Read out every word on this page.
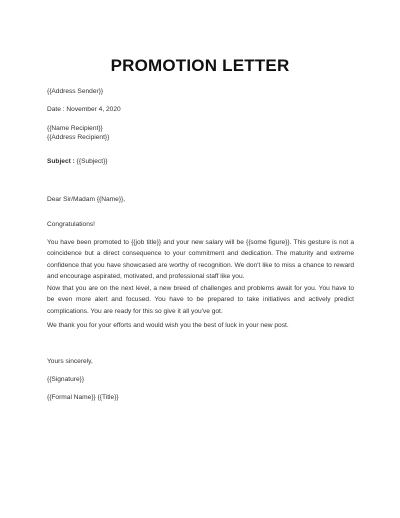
PROMOTION LETTER
{{Address Sender}}
Date : November 4, 2020
{{Name Recipient}}
{{Address Recipient}}
Subject : {{Subject}}
Dear Sir/Madam {{Name}},
Congratulations!
You have been promoted to {{job title}} and your new salary will be {{some figure}}. This gesture is not a coincidence but a direct consequence to your commitment and dedication. The maturity and extreme confidence that you have showcased are worthy of recognition. We don't like to miss a chance to reward and encourage aspirated, motivated, and professional staff like you.
Now that you are on the next level, a new breed of challenges and problems await for you. You have to be even more alert and focused. You have to be prepared to take initiatives and actively predict complications. You are ready for this so give it all you've got.
We thank you for your efforts and would wish you the best of luck in your new post.
Yours sincerely,
{{Signature}}
{{Formal Name}} {{Title}}
